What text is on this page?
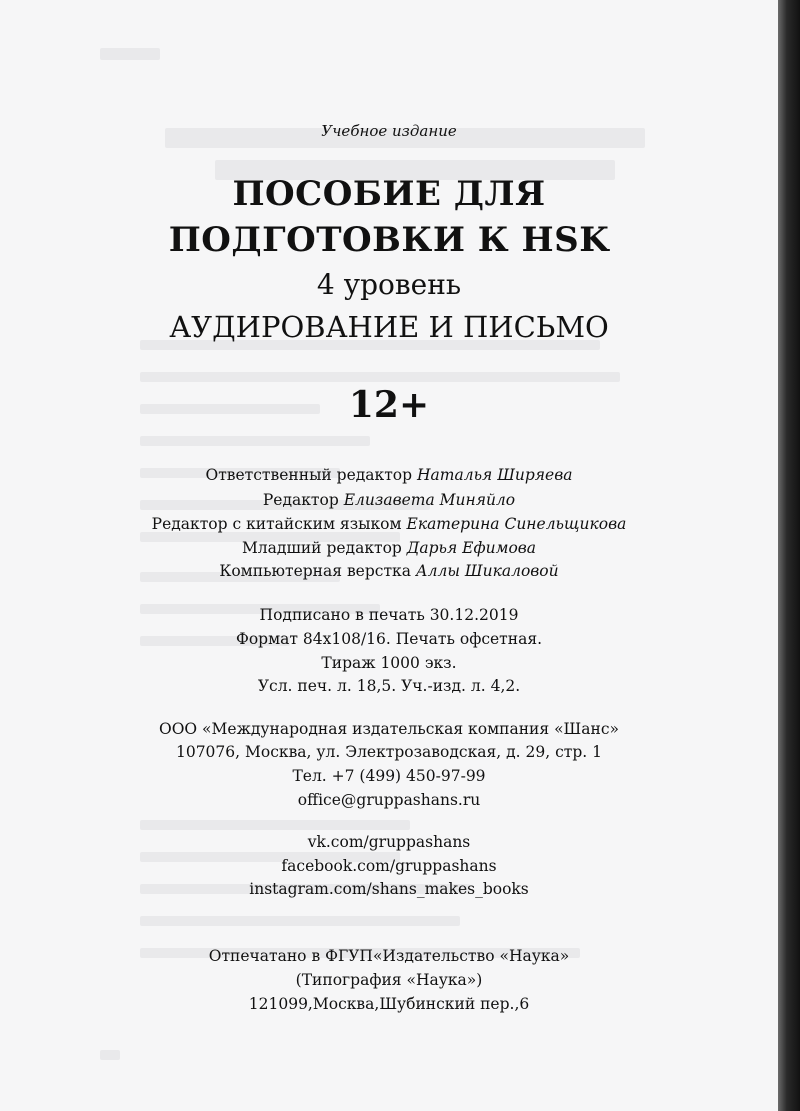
Учебное издание
ПОСОБИЕ ДЛЯ
ПОДГОТОВКИ К HSK
4 уровень
АУДИРОВАНИЕ И ПИСЬМО
12+
Ответственный редактор Наталья Ширяева
Редактор Елизавета Миняйло
Редактор с китайским языком Екатерина Синельщикова
Младший редактор Дарья Ефимова
Компьютерная верстка Аллы Шикаловой
Подписано в печать 30.12.2019
Формат 84х108/16. Печать офсетная.
Тираж 1000 экз.
Усл. печ. л. 18,5. Уч.-изд. л. 4,2.
ООО «Международная издательская компания «Шанс»
107076, Москва, ул. Электрозаводская, д. 29, стр. 1
Тел. +7 (499) 450-97-99
office@gruppashans.ru
vk.com/gruppashans
facebook.com/gruppashans
instagram.com/shans_makes_books
Отпечатано в ФГУП«Издательство «Наука»
(Типография «Наука»)
121099,Москва,Шубинский пер.,6
